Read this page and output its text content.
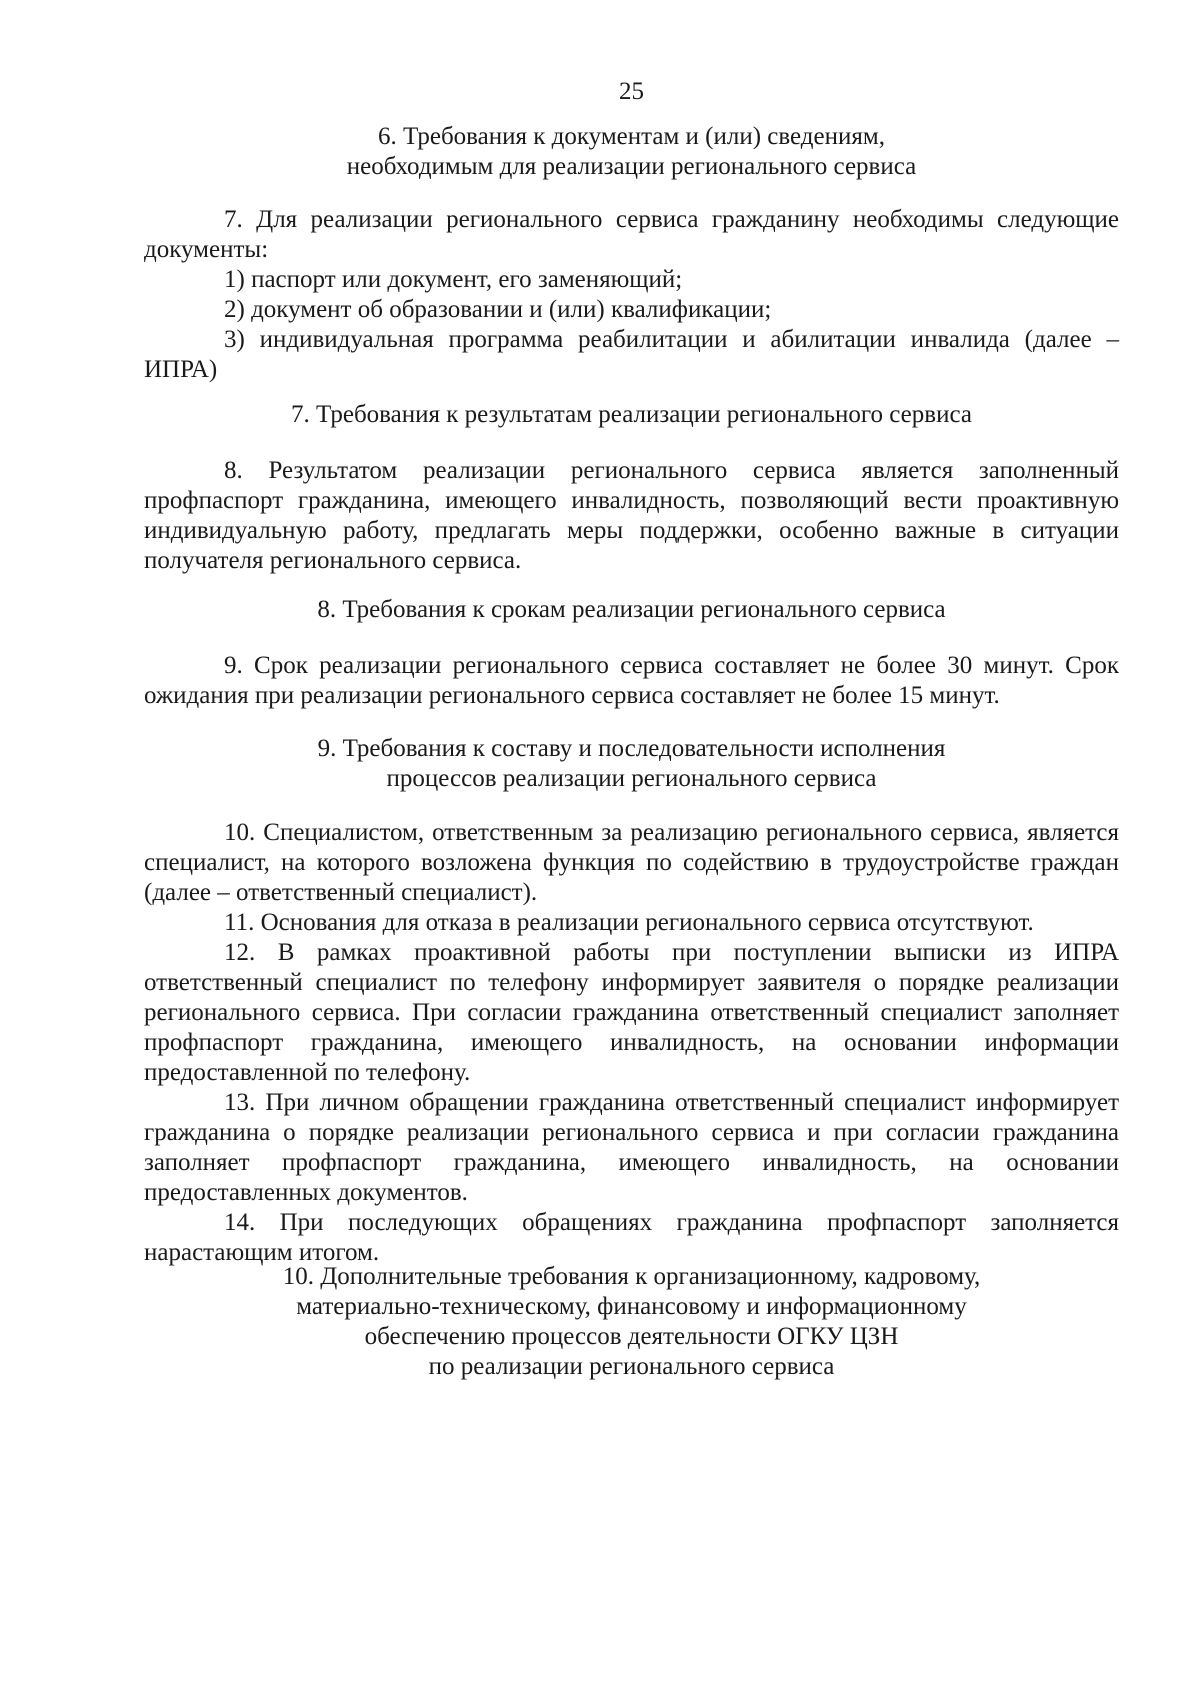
25
6. Требования к документам и (или) сведениям,
необходимым для реализации регионального сервиса

7. Для реализации регионального сервиса гражданину необходимы следующие документы:

1) паспорт или документ, его заменяющий;

2) документ об образовании и (или) квалификации;

3) индивидуальная программа реабилитации и абилитации инвалида (далее – ИПРА)

7. Требования к результатам реализации регионального сервиса

8. Результатом реализации регионального сервиса является заполненный профпаспорт гражданина, имеющего инвалидность, позволяющий вести проактивную индивидуальную работу, предлагать меры поддержки, особенно важные в ситуации получателя регионального сервиса.

8. Требования к срокам реализации регионального сервиса

9. Срок реализации регионального сервиса составляет не более 30 минут. Срок ожидания при реализации регионального сервиса составляет не более 15 минут.

9. Требования к составу и последовательности исполнения
процессов реализации регионального сервиса

10. Специалистом, ответственным за реализацию регионального сервиса, является специалист, на которого возложена функция по содействию в трудоустройстве граждан (далее – ответственный специалист).

11. Основания для отказа в реализации регионального сервиса отсутствуют.

12. В рамках проактивной работы при поступлении выписки из ИПРА ответственный специалист по телефону информирует заявителя о порядке реализации регионального сервиса. При согласии гражданина ответственный специалист заполняет профпаспорт гражданина, имеющего инвалидность, на основании информации предоставленной по телефону.

13. При личном обращении гражданина ответственный специалист информирует гражданина о порядке реализации регионального сервиса и при согласии гражданина заполняет профпаспорт гражданина, имеющего инвалидность, на основании предоставленных документов.

14. При последующих обращениях гражданина профпаспорт заполняется нарастающим итогом.

10. Дополнительные требования к организационному, кадровому,
материально-техническому, финансовому и информационному
обеспечению процессов деятельности ОГКУ ЦЗН
по реализации регионального сервиса
